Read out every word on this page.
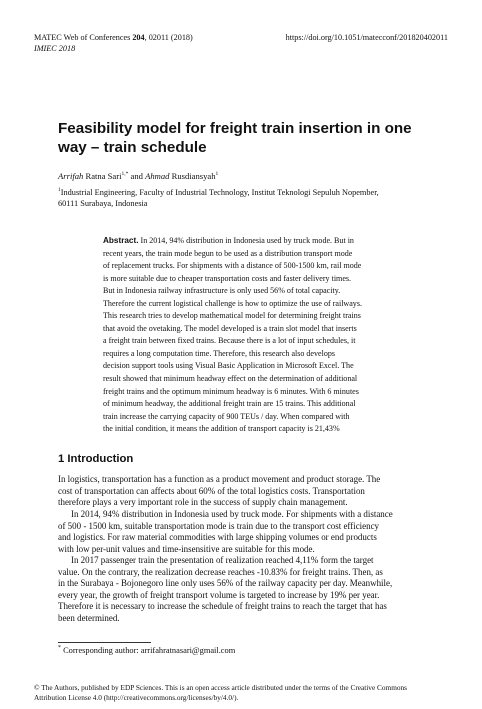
MATEC Web of Conferences 204, 02011 (2018)	https://doi.org/10.1051/matecconf/201820402011
IMIEC 2018
Feasibility model for freight train insertion in one way – train schedule
Arrifah Ratna Sari$^{1,*}$ and Ahmad Rusdiansyah$^1$
$^1$Industrial Engineering, Faculty of Industrial Technology, Institut Teknologi Sepuluh Nopember,
60111 Surabaya, Indonesia
Abstract. In 2014, 94% distribution in Indonesia used by truck mode. But in
recent years, the train mode begun to be used as a distribution transport mode
of replacement trucks. For shipments with a distance of 500-1500 km, rail mode
is more suitable due to cheaper transportation costs and faster delivery times.
But in Indonesia railway infrastructure is only used 56% of total capacity.
Therefore the current logistical challenge is how to optimize the use of railways.
This research tries to develop mathematical model for determining freight trains
that avoid the ovetaking. The model developed is a train slot model that inserts
a freight train between fixed trains. Because there is a lot of input schedules, it
requires a long computation time. Therefore, this research also develops
decision support tools using Visual Basic Application in Microsoft Excel. The
result showed that minimum headway effect on the determination of additional
freight trains and the optimum minimum headway is 6 minutes. With 6 minutes
of minimum headway, the additional freight train are 15 trains. This additional
train increase the carrying capacity of 900 TEUs / day. When compared with
the initial condition, it means the addition of transport capacity is 21,43%
1 Introduction
In logistics, transportation has a function as a product movement and product storage. The
cost of transportation can affects about 60% of the total logistics costs. Transportation
therefore plays a very important role in the success of supply chain management.
In 2014, 94% distribution in Indonesia used by truck mode. For shipments with a distance
of 500 - 1500 km, suitable transportation mode is train due to the transport cost efficiency
and logistics. For raw material commodities with large shipping volumes or end products
with low per-unit values and time-insensitive are suitable for this mode.
In 2017 passenger train the presentation of realization reached 4,11% form the target
value. On the contrary, the realization decrease reaches -10.83% for freight trains. Then, as
in the Surabaya - Bojonegoro line only uses 56% of the railway capacity per day. Meanwhile,
every year, the growth of freight transport volume is targeted to increase by 19% per year.
Therefore it is necessary to increase the schedule of freight trains to reach the target that has
been determined.
* Corresponding author: arrifahratnasari@gmail.com
© The Authors, published by EDP Sciences. This is an open access article distributed under the terms of the Creative Commons
Attribution License 4.0 (http://creativecommons.org/licenses/by/4.0/).
